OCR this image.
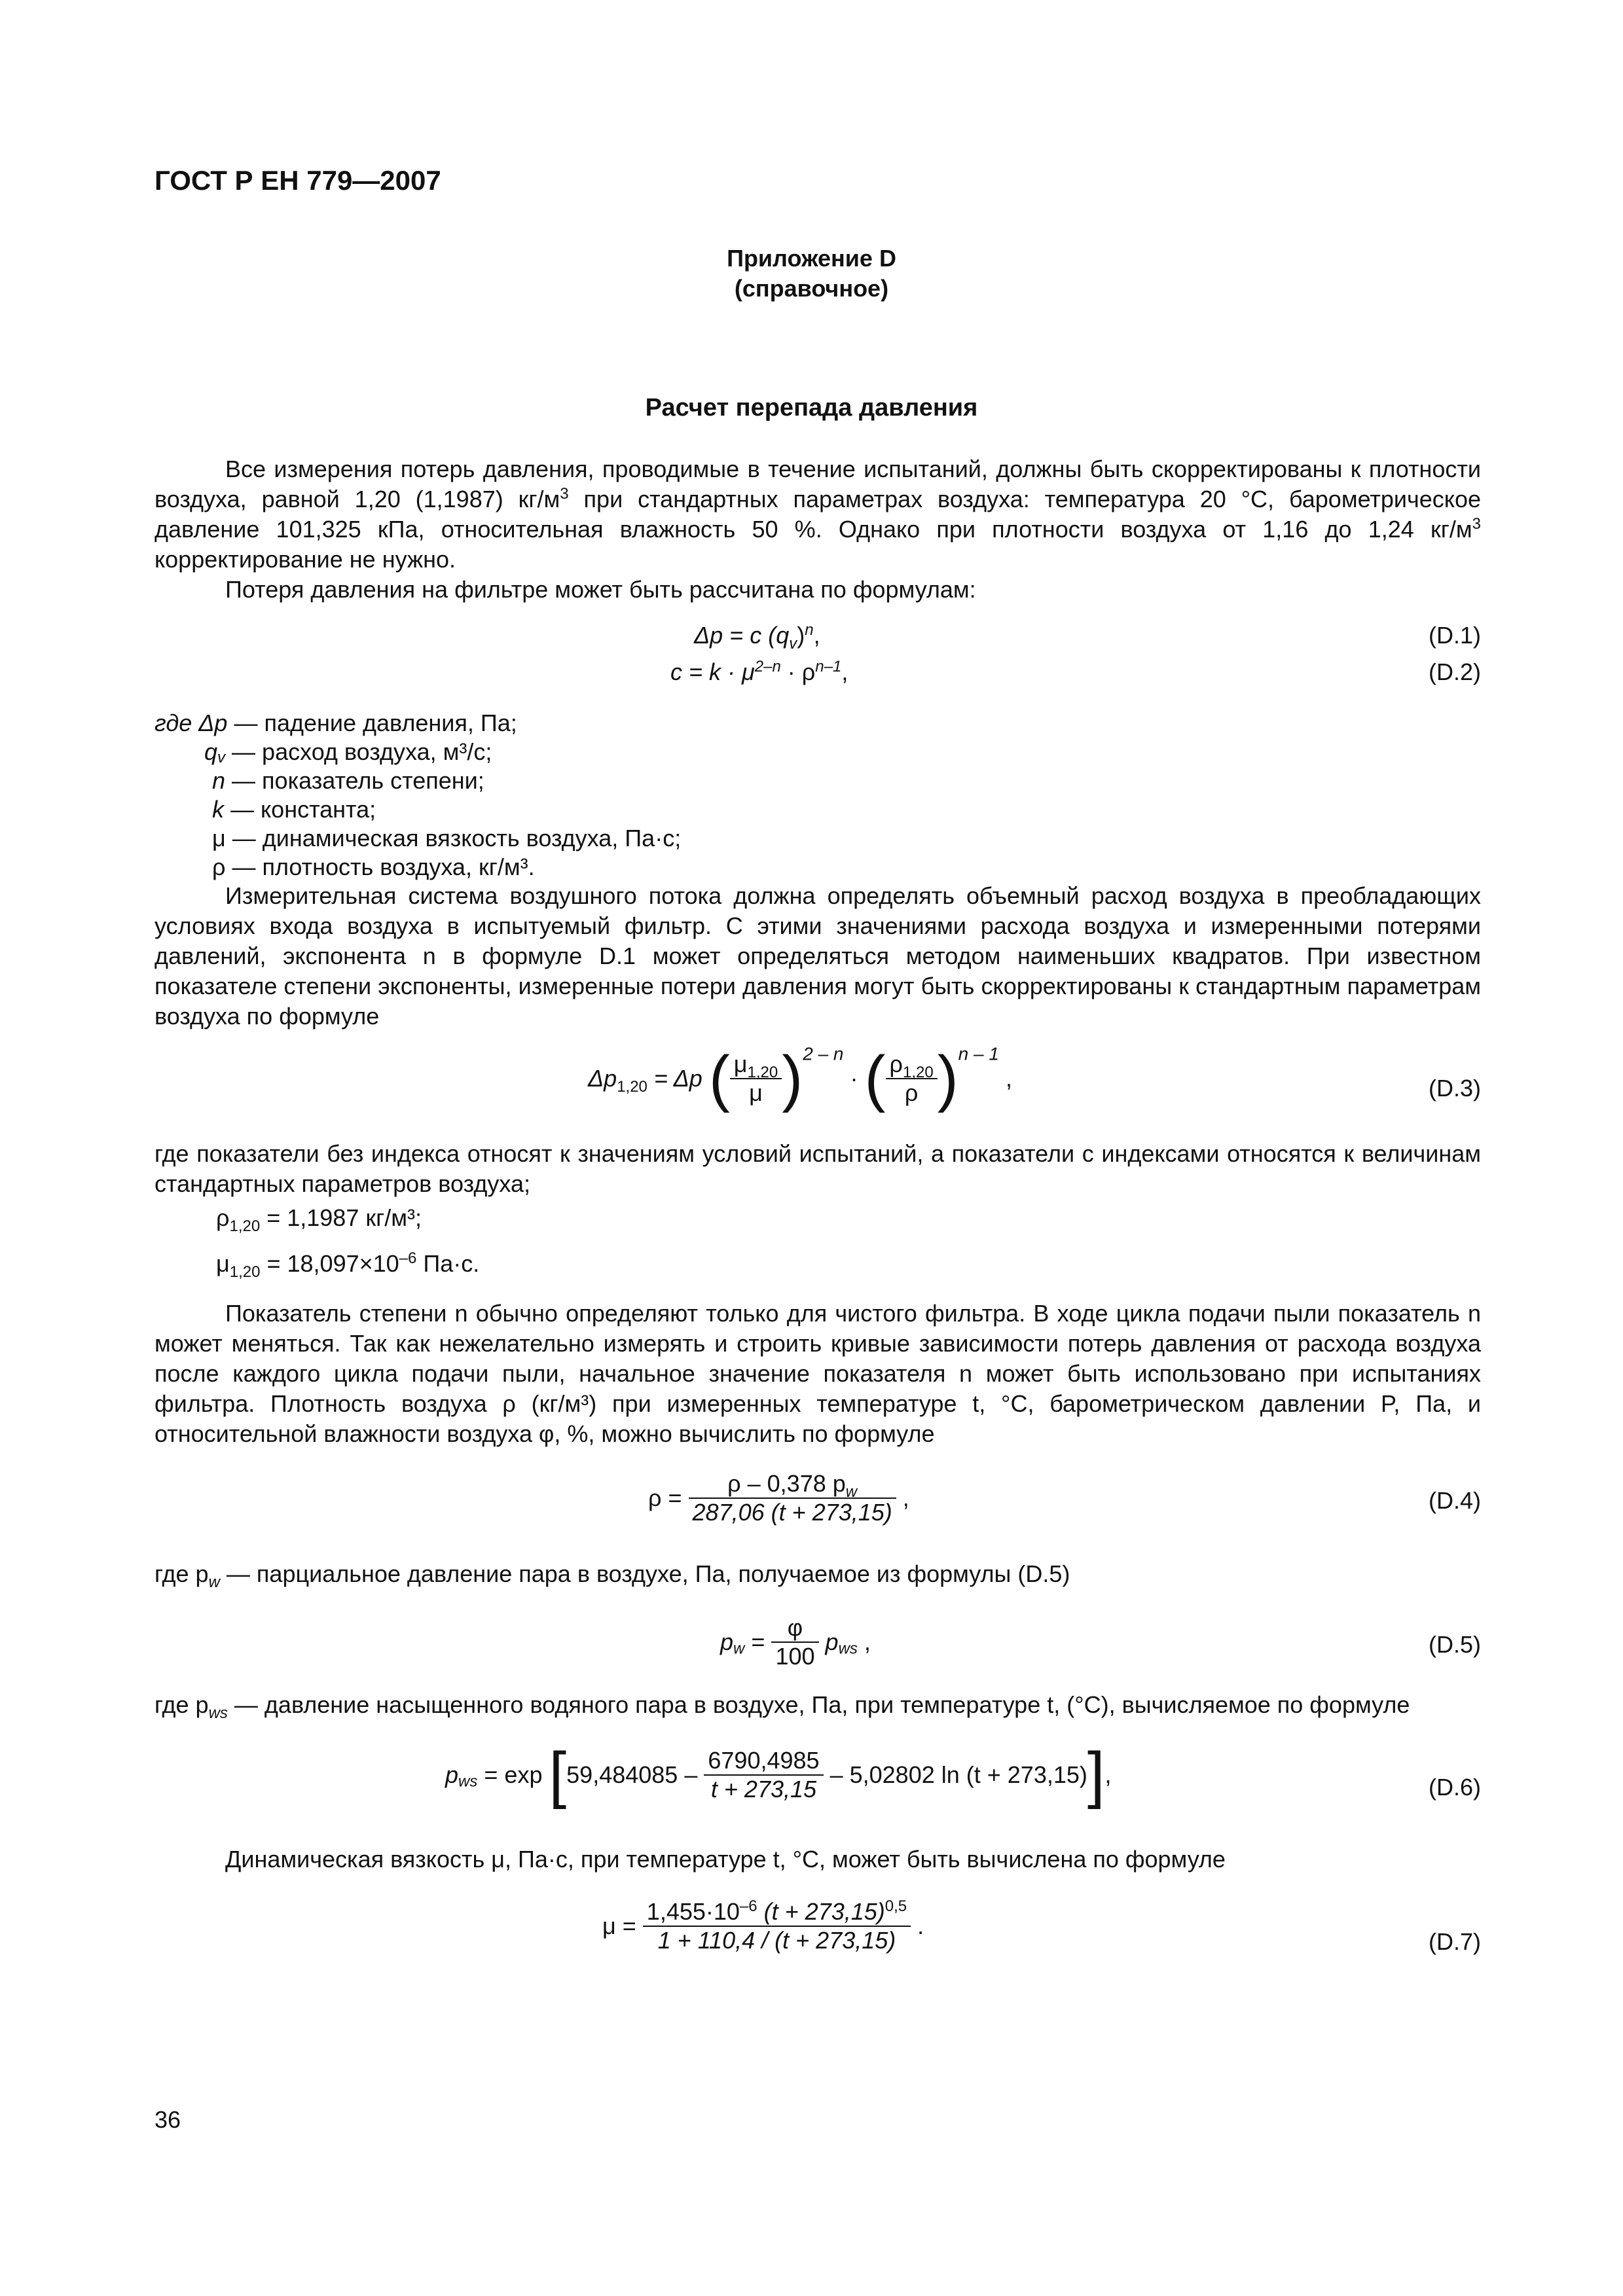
ГОСТ Р ЕН 779—2007
Приложение D
(справочное)
Расчет перепада давления
Все измерения потерь давления, проводимые в течение испытаний, должны быть скорректированы к плотности воздуха, равной 1,20 (1,1987) $кг/м^3$ при стандартных параметрах воздуха: температура 20 °С, барометрическое давление 101,325 кПа, относительная влажность 50 %. Однако при плотности воздуха от 1,16 до 1,24 $кг/м^3$ корректирование не нужно.
Потеря давления на фильтре может быть рассчитана по формулам:
Δp = c $(q_v)^n$,	(D.1)
$c = k \cdot \mu^{2-n} \cdot \rho^{n-1}$,	(D.2)
где Δp — падение давления, Па;
$q_v$ — расход воздуха, м³/с;
n — показатель степени;
k — константа;
μ — динамическая вязкость воздуха, Па·с;
ρ — плотность воздуха, кг/м³.
Измерительная система воздушного потока должна определять объемный расход воздуха в преобладающих условиях входа воздуха в испытуемый фильтр. С этими значениями расхода воздуха и измеренными потерями давлений, экспонента n в формуле D.1 может определяться методом наименьших квадратов. При известном показателе степени экспоненты, измеренные потери давления могут быть скорректированы к стандартным параметрам воздуха по формуле
$\Delta p_{1,20} = \Delta p$ ( $\frac{\mu_{1,20}}{\mu} )^{2 - n}$ · ( $\frac{\rho_{1,20}}{\rho} )^{n - 1}$ ,	(D.3)
где показатели без индекса относят к значениям условий испытаний, а показатели с индексами относятся к величинам стандартных параметров воздуха;
$\rho_{1,20} = 1,1987$ кг/м³;
$\mu_{1,20} = 18,097\times 10^{-6}$ Па·с.
Показатель степени n обычно определяют только для чистого фильтра. В ходе цикла подачи пыли показатель n может меняться. Так как нежелательно измерять и строить кривые зависимости потерь давления от расхода воздуха после каждого цикла подачи пыли, начальное значение показателя n может быть использовано при испытаниях фильтра. Плотность воздуха ρ (кг/м³) при измеренных температуре t, °С, барометрическом давлении P, Па, и относительной влажности воздуха φ, %, можно вычислить по формуле
$\rho = \frac{\rho - 0,378 p_w}{287,06 (t + 273,15)}$ ,	(D.4)
где $p_w$ — парциальное давление пара в воздухе, Па, получаемое из формулы (D.5)
$p_w = \frac{\varphi}{100} p_{ws}$ ,	(D.5)
где $p_{ws}$ — давление насыщенного водяного пара в воздухе, Па, при температуре t, (°С), вычисляемое по формуле
$p_{ws} = \exp [59,484085 - \frac{6790,4985}{t + 273,15} - 5,02802$ ln (t + 273,15)],	(D.6)
Динамическая вязкость μ, Па·с, при температуре t, °С, может быть вычислена по формуле
$\mu = \frac{1,455\cdot 10^{-6} (t + 273,15)^{0,5}}{1 + 110,4 / (t + 273,15)}$ .
(D.7)
36
